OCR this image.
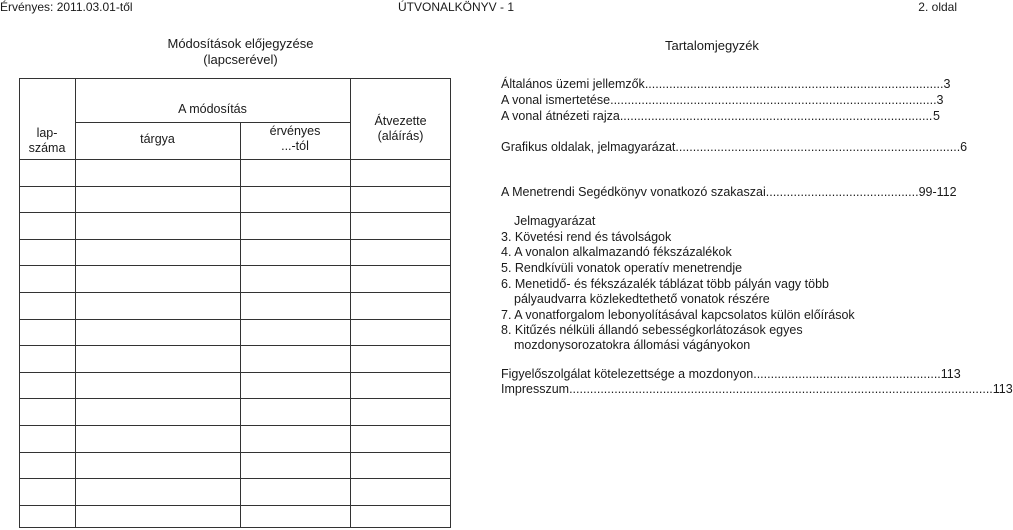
Érvényes: 2011.03.01-től	ÚTVONALKÖNYV - 1	2. oldal
Módosítások előjegyzése
(lapcserével)
lap-
száma
A módosítás
tárgya
érvényes
...-tól
Átvezette
(aláírás)
Tartalomjegyzék
Általános üzemi jellemzők ...................................................................................... 3
A vonal ismertetése .............................................................................................. 3
A vonal átnézeti rajza .......................................................................................... 5
Grafikus oldalak, jelmagyarázat .................................................................................. 6
A Menetrendi Segédkönyv vonatkozó szakaszai ............................................ 99-112
Jelmagyarázat
3. Követési rend és távolságok
4. A vonalon alkalmazandó fékszázalékok
5. Rendkívüli vonatok operatív menetrendje
6. Menetidő- és fékszázalék táblázat több pályán vagy több
pályaudvarra közlekedtethető vonatok részére
7. A vonatforgalom lebonyolításával kapcsolatos külön előírások
8. Kitűzés nélküli állandó sebességkorlátozások egyes
mozdonysorozatokra állomási vágányokon
Figyelőszolgálat kötelezettsége a mozdonyon ...................................................... 113
Impresszum .......................................................................................................................... 113
